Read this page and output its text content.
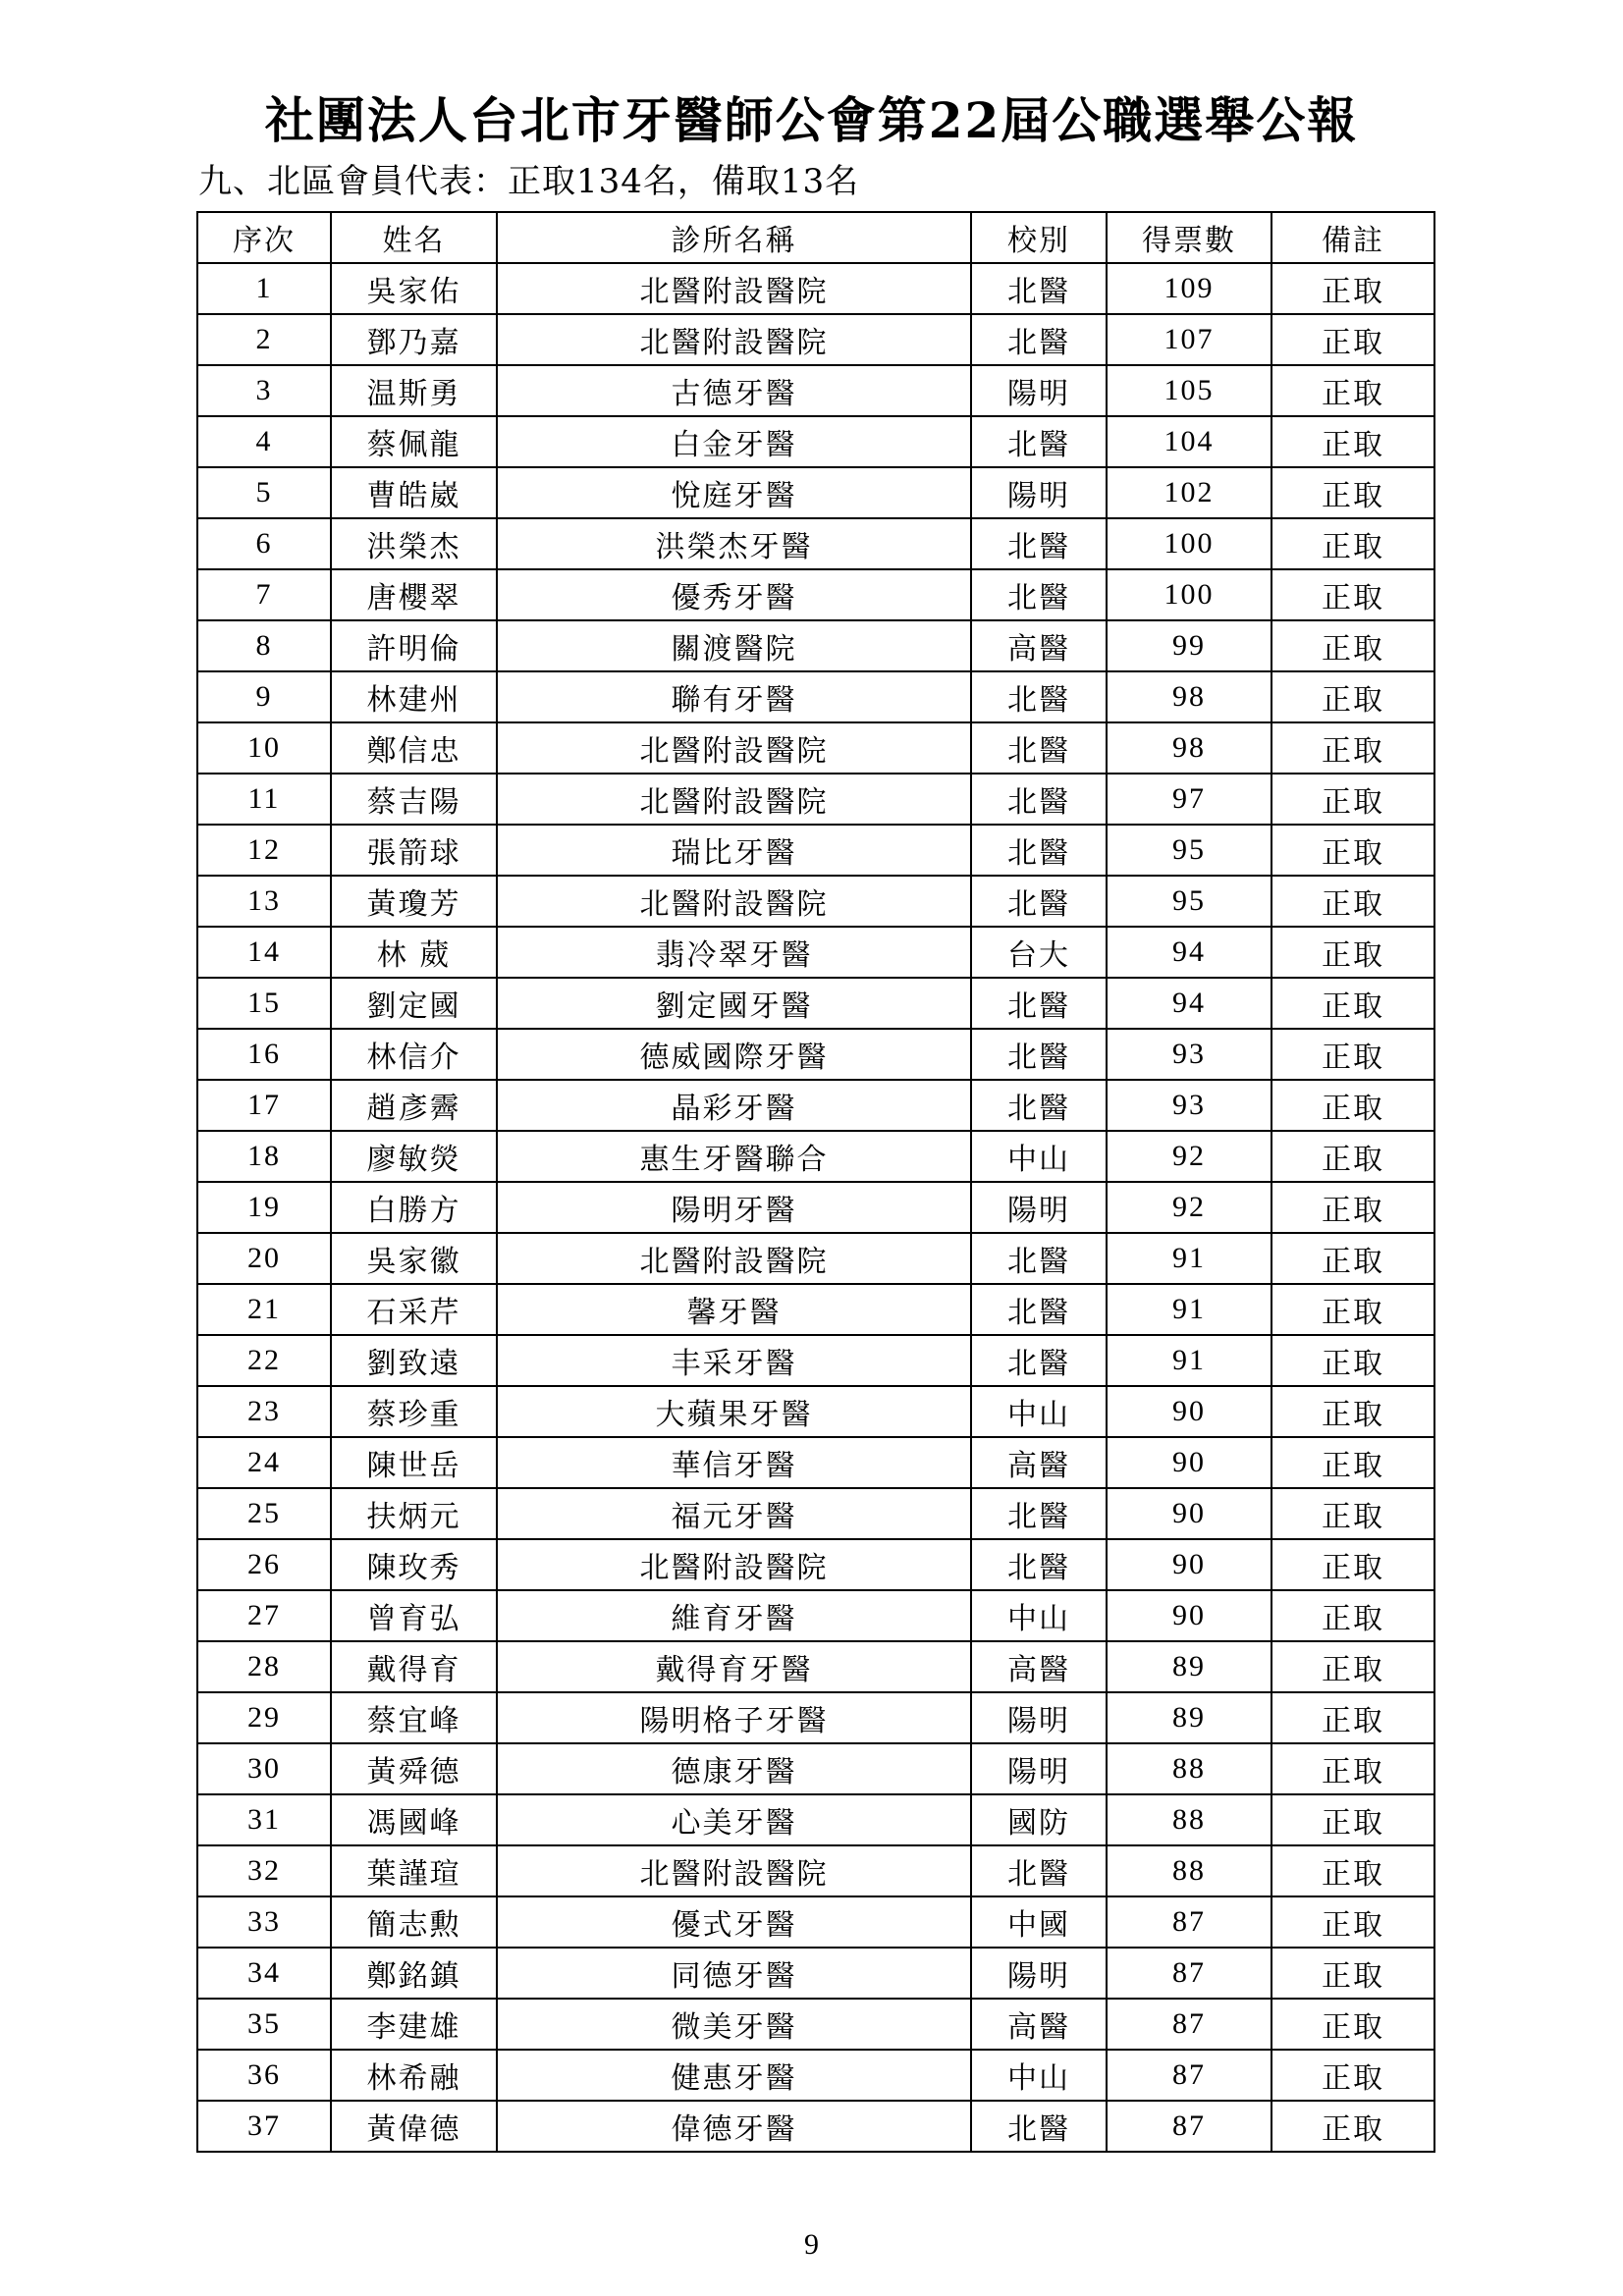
社團法人台北市牙醫師公會第22屆公職選舉公報
九、北區會員代表：正取134名，備取13名
序次	姓名	診所名稱	校別	得票數	備註
1	吳家佑	北醫附設醫院	北醫	109	正取
2	鄧乃嘉	北醫附設醫院	北醫	107	正取
3	温斯勇	古德牙醫	陽明	105	正取
4	蔡佩龍	白金牙醫	北醫	104	正取
5	曹皓崴	悅庭牙醫	陽明	102	正取
6	洪榮杰	洪榮杰牙醫	北醫	100	正取
7	唐櫻翠	優秀牙醫	北醫	100	正取
8	許明倫	關渡醫院	高醫	99	正取
9	林建州	聯有牙醫	北醫	98	正取
10	鄭信忠	北醫附設醫院	北醫	98	正取
11	蔡吉陽	北醫附設醫院	北醫	97	正取
12	張箭球	瑞比牙醫	北醫	95	正取
13	黃瓊芳	北醫附設醫院	北醫	95	正取
14	林 葳	翡冷翠牙醫	台大	94	正取
15	劉定國	劉定國牙醫	北醫	94	正取
16	林信介	德威國際牙醫	北醫	93	正取
17	趙彥霽	晶彩牙醫	北醫	93	正取
18	廖敏熒	惠生牙醫聯合	中山	92	正取
19	白勝方	陽明牙醫	陽明	92	正取
20	吳家徽	北醫附設醫院	北醫	91	正取
21	石采芹	馨牙醫	北醫	91	正取
22	劉致遠	丰采牙醫	北醫	91	正取
23	蔡珍重	大蘋果牙醫	中山	90	正取
24	陳世岳	華信牙醫	高醫	90	正取
25	扶炳元	福元牙醫	北醫	90	正取
26	陳玫秀	北醫附設醫院	北醫	90	正取
27	曾育弘	維育牙醫	中山	90	正取
28	戴得育	戴得育牙醫	高醫	89	正取
29	蔡宜峰	陽明格子牙醫	陽明	89	正取
30	黃舜德	德康牙醫	陽明	88	正取
31	馮國峰	心美牙醫	國防	88	正取
32	葉謹瑄	北醫附設醫院	北醫	88	正取
33	簡志勲	優式牙醫	中國	87	正取
34	鄭銘鎮	同德牙醫	陽明	87	正取
35	李建雄	微美牙醫	高醫	87	正取
36	林希融	健惠牙醫	中山	87	正取
37	黃偉德	偉德牙醫	北醫	87	正取
9
